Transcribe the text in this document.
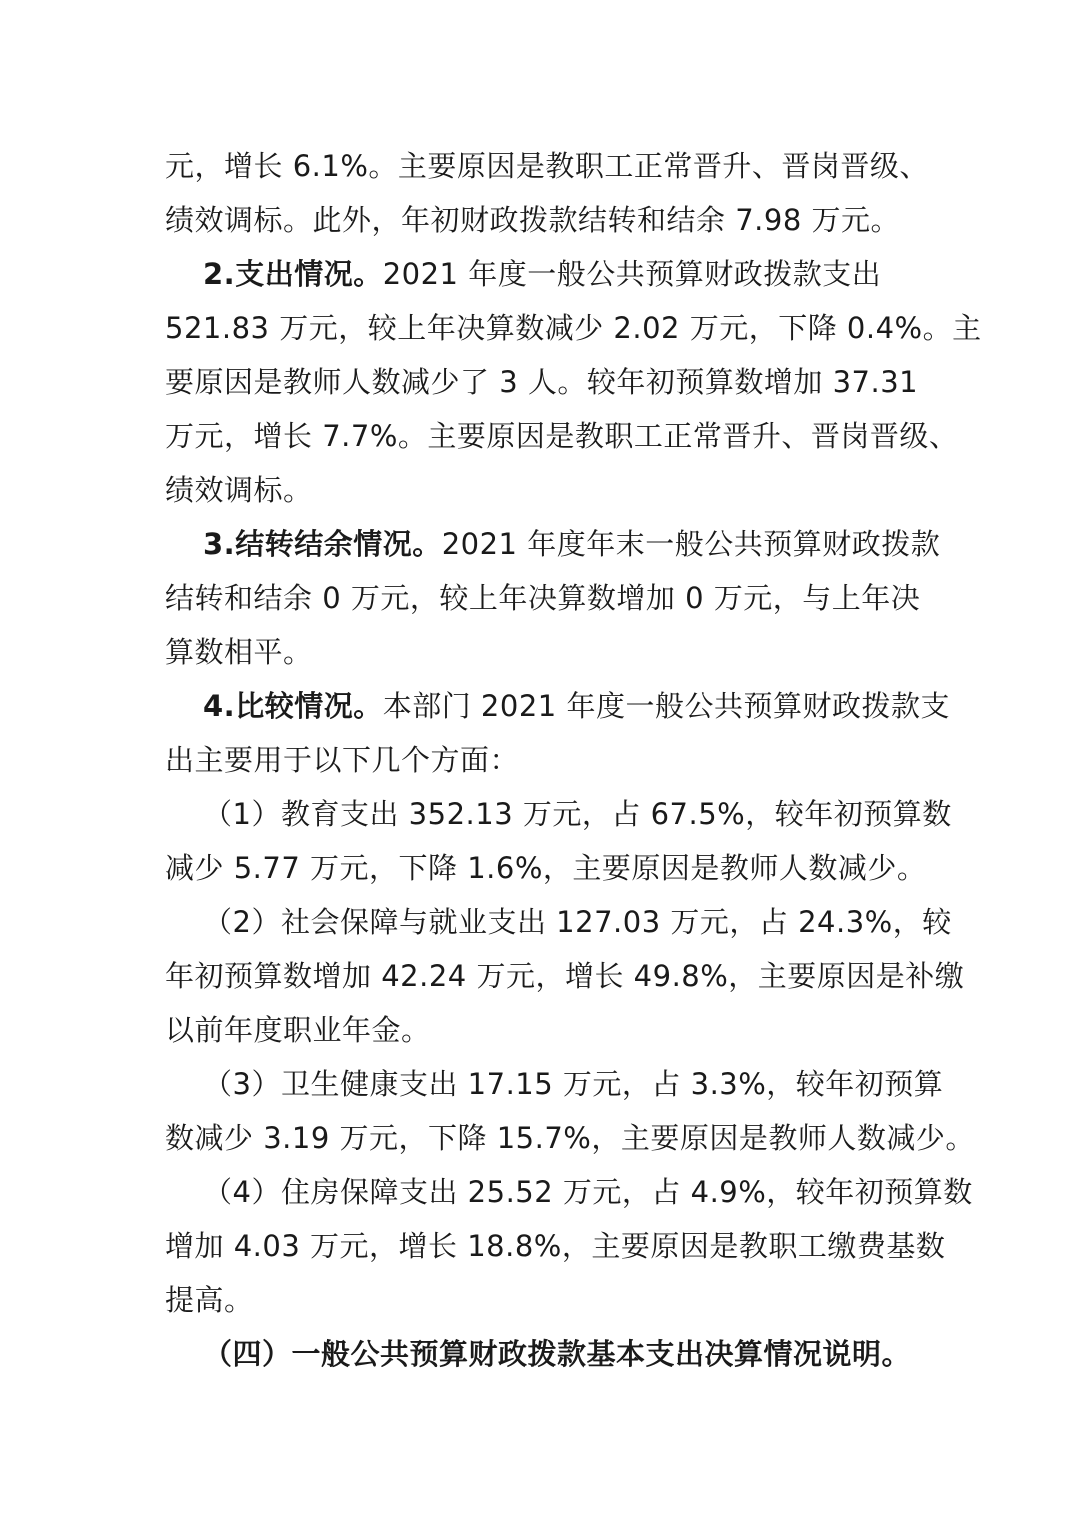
元，增长 6.1%。主要原因是教职工正常晋升、晋岗晋级、
绩效调标。此外，年初财政拨款结转和结余 7.98 万元。
2.支出情况。2021 年度一般公共预算财政拨款支出
521.83 万元，较上年决算数减少 2.02 万元，下降 0.4%。主
要原因是教师人数减少了 3 人。较年初预算数增加 37.31
万元，增长 7.7%。主要原因是教职工正常晋升、晋岗晋级、
绩效调标。
3.结转结余情况。2021 年度年末一般公共预算财政拨款
结转和结余 0 万元，较上年决算数增加 0 万元，与上年决
算数相平。
4.比较情况。本部门 2021 年度一般公共预算财政拨款支
出主要用于以下几个方面：
（1）教育支出 352.13 万元，占 67.5%，较年初预算数
减少 5.77 万元，下降 1.6%，主要原因是教师人数减少。
（2）社会保障与就业支出 127.03 万元，占 24.3%，较
年初预算数增加 42.24 万元，增长 49.8%，主要原因是补缴
以前年度职业年金。
（3）卫生健康支出 17.15 万元，占 3.3%，较年初预算
数减少 3.19 万元，下降 15.7%，主要原因是教师人数减少。
（4）住房保障支出 25.52 万元，占 4.9%，较年初预算数
增加 4.03 万元，增长 18.8%，主要原因是教职工缴费基数
提高。
（四）一般公共预算财政拨款基本支出决算情况说明。
